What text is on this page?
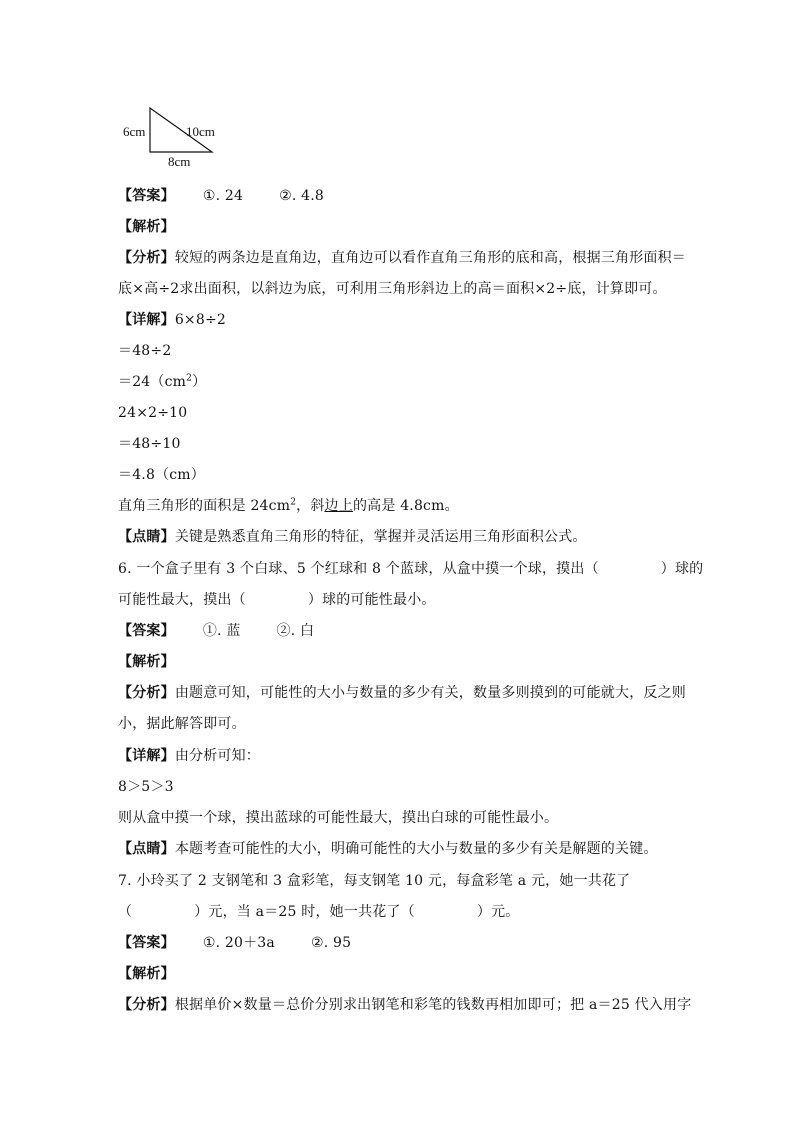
6cm	10cm
8cm
【答案】 ①. 24	②. 4.8
【解析】
【分析】较短的两条边是直角边，直角边可以看作直角三角形的底和高，根据三角形面积＝
底×高÷2求出面积，以斜边为底，可利用三角形斜边上的高＝面积×2÷底，计算即可。
【详解】6×8÷2
＝48÷2
$=24(cm^2)$
24×2÷10
＝48÷10
＝4.8（cm）
直角三角形的面积是 $24cm^2$，斜边上的高是 4.8cm。
【点睛】关键是熟悉直角三角形的特征，掌握并灵活运用三角形面积公式。
6. 一个盒子里有 3 个白球、5 个红球和 8 个蓝球，从盒中摸一个球，摸出（	）球的
可能性最大，摸出（	）球的可能性最小。
【答案】 ①. 蓝	②. 白
【解析】
【分析】由题意可知，可能性的大小与数量的多少有关，数量多则摸到的可能就大，反之则
小，据此解答即可。
【详解】由分析可知：
8＞5＞3
则从盒中摸一个球，摸出蓝球的可能性最大，摸出白球的可能性最小。
【点睛】本题考查可能性的大小，明确可能性的大小与数量的多少有关是解题的关键。
7. 小玲买了 2 支钢笔和 3 盒彩笔，每支钢笔 10 元，每盒彩笔 a 元，她一共花了
（	）元，当 a＝25 时，她一共花了（	）元。
【答案】 ①. 20＋3a	②. 95
【解析】
【分析】根据单价×数量＝总价分别求出钢笔和彩笔的钱数再相加即可；把 a＝25 代入用字
